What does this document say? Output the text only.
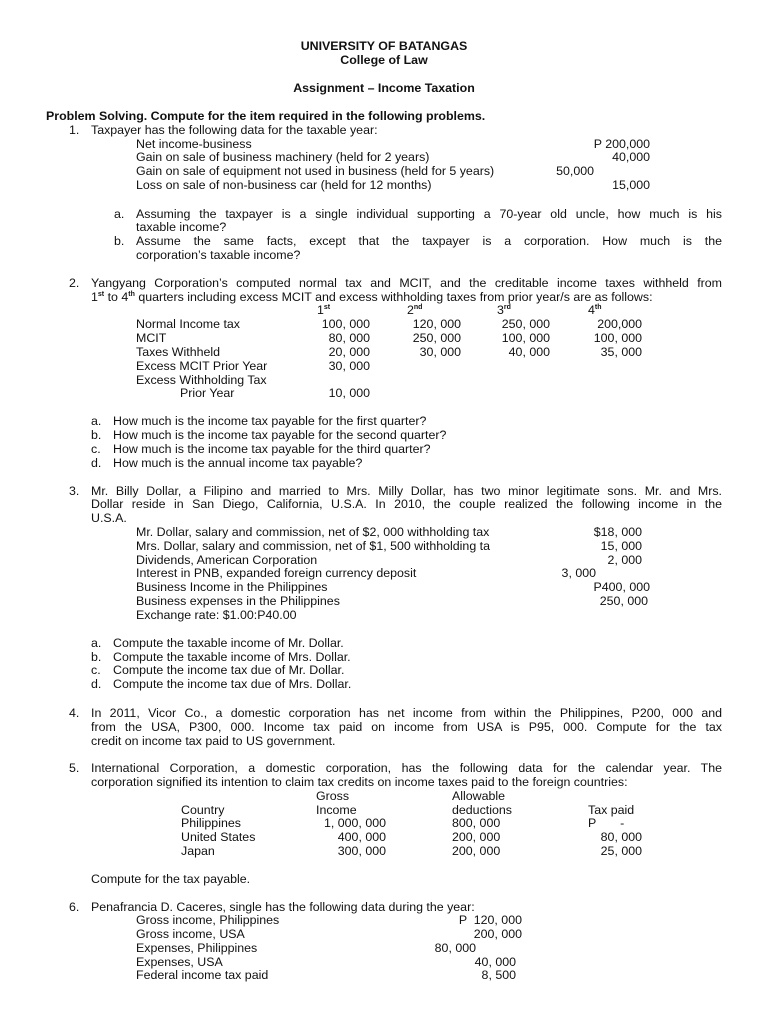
UNIVERSITY OF BATANGAS
College of Law
Assignment – Income Taxation
Problem Solving. Compute for the item required in the following problems.
1. Taxpayer has the following data for the taxable year:
Net income-business	P 200,000
Gain on sale of business machinery (held for 2 years)	40,000
Gain on sale of equipment not used in business (held for 5 years)	50,000
Loss on sale of non-business car (held for 12 months)	15,000
a. Assuming the taxpayer is a single individual supporting a 70-year old uncle, how much is his
taxable income?
b. Assume the same facts, except that the taxpayer is a corporation. How much is the
corporation’s taxable income?
2. Yangyang Corporation’s computed normal tax and MCIT, and the creditable income taxes withheld from
1st to 4th quarters including excess MCIT and excess withholding taxes from prior year/s are as follows:
1st	2nd	3rd	4th
Normal Income tax	100, 000	120, 000	250, 000	200,000
MCIT	80, 000	250, 000	100, 000	100, 000
Taxes Withheld	20, 000	30, 000	40, 000	35, 000
Excess MCIT Prior Year	30, 000
Excess Withholding Tax
Prior Year	10, 000
a. How much is the income tax payable for the first quarter?
b. How much is the income tax payable for the second quarter?
c. How much is the income tax payable for the third quarter?
d. How much is the annual income tax payable?
3. Mr. Billy Dollar, a Filipino and married to Mrs. Milly Dollar, has two minor legitimate sons. Mr. and Mrs.
Dollar reside in San Diego, California, U.S.A. In 2010, the couple realized the following income in the
U.S.A.
Mr. Dollar, salary and commission, net of $2, 000 withholding tax	$18, 000
Mrs. Dollar, salary and commission, net of $1, 500 withholding ta	15, 000
Dividends, American Corporation	2, 000
Interest in PNB, expanded foreign currency deposit	3, 000
Business Income in the Philippines	P400, 000
Business expenses in the Philippines	250, 000
Exchange rate: $1.00:P40.00
a. Compute the taxable income of Mr. Dollar.
b. Compute the taxable income of Mrs. Dollar.
c. Compute the income tax due of Mr. Dollar.
d. Compute the income tax due of Mrs. Dollar.
4. In 2011, Vicor Co., a domestic corporation has net income from within the Philippines, P200, 000 and
from the USA, P300, 000. Income tax paid on income from USA is P95, 000. Compute for the tax
credit on income tax paid to US government.
5. International Corporation, a domestic corporation, has the following data for the calendar year. The
corporation signified its intention to claim tax credits on income taxes paid to the foreign countries:
Gross	Allowable
Country	Income	deductions	Tax paid
Philippines	1, 000, 000	800, 000	P       -
United States	400, 000	200, 000	80, 000
Japan	300, 000	200, 000	25, 000
Compute for the tax payable.
6. Penafrancia D. Caceres, single has the following data during the year:
Gross income, Philippines	P  120, 000
Gross income, USA	200, 000
Expenses, Philippines	80, 000
Expenses, USA	40, 000
Federal income tax paid	8, 500
